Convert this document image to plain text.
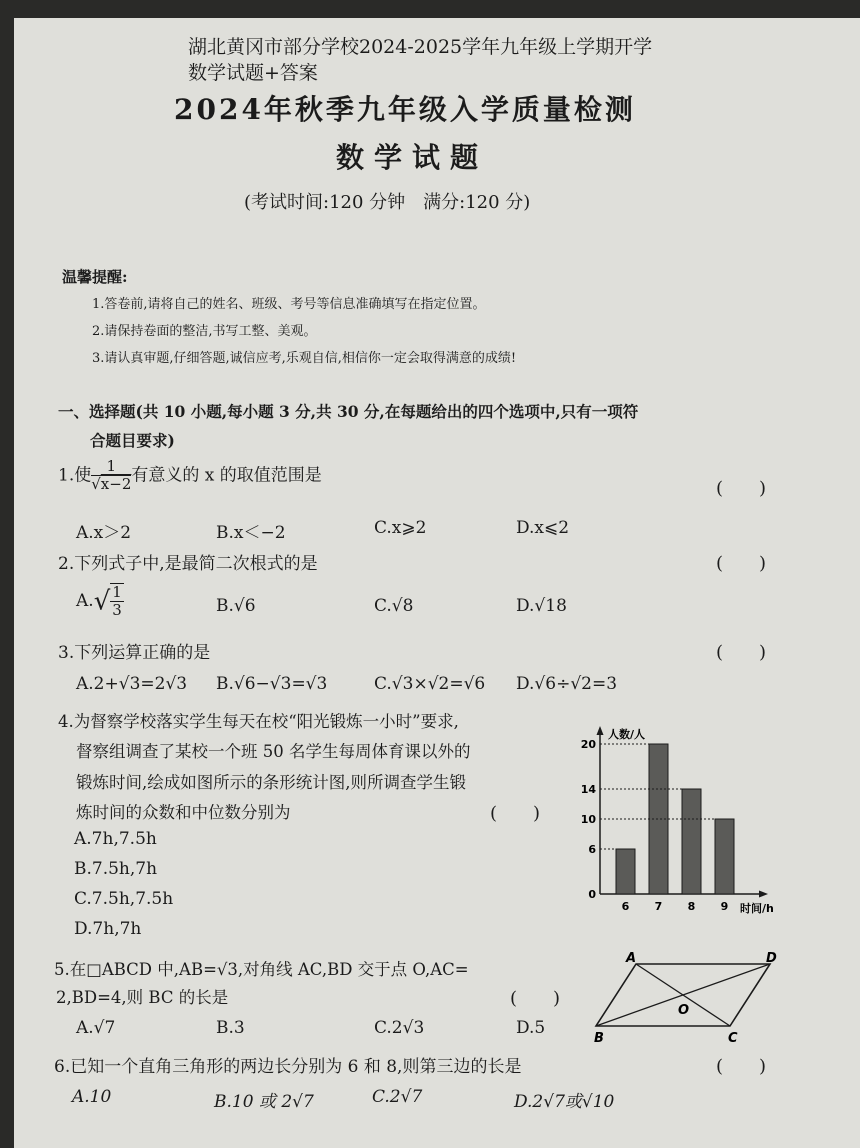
湖北黄冈市部分学校2024-2025学年九年级上学期开学
数学试题+答案
2024年秋季九年级入学质量检测
数学试题
(考试时间:120 分钟　满分:120 分)
温馨提醒:
1.答卷前,请将自己的姓名、班级、考号等信息准确填写在指定位置。
2.请保持卷面的整洁,书写工整、美观。
3.请认真审题,仔细答题,诚信应考,乐观自信,相信你一定会取得满意的成绩!
一、选择题(共 10 小题,每小题 3 分,共 30 分,在每题给出的四个选项中,只有一项符
合题目要求)
1.使 $\frac{1}{√x-2}$ 有意义的 x 的取值范围是
(　　)
A.x＞2	B.x＜−2	C.x⩾2	D.x⩽2
2.下列式子中,是最简二次根式的是	(　　)
$A.√ \frac{1}{3}$	B.√6	C.√8	D.√18
3.下列运算正确的是	(　　)
A.2+√3=2√3 B.√6−√3=√3	C.√3×√2=√6 D.√6÷√2=3
4.为督察学校落实学生每天在校“阳光锻炼一小时”要求,
督察组调查了某校一个班 50 名学生每周体育课以外的
锻炼时间,绘成如图所示的条形统计图,则所调查学生锻
炼时间的众数和中位数分别为	(　　)
A.7h,7.5h
B.7.5h,7h
C.7.5h,7.5h
D.7h,7h
人数/人
时间/h
6 7 8 9
20
14
10
6
0
5.在□ABCD 中,AB=√3,对角线 AC,BD 交于点 O,AC=
2,BD=4,则 BC 的长是	(　　)
A.√7	B.3	C.2√3	D.5
A	D
O
B	C
6.已知一个直角三角形的两边长分别为 6 和 8,则第三边的长是	(　　)
A.10	B.10 或 2√7	C.2√7	D.2√7或√10
